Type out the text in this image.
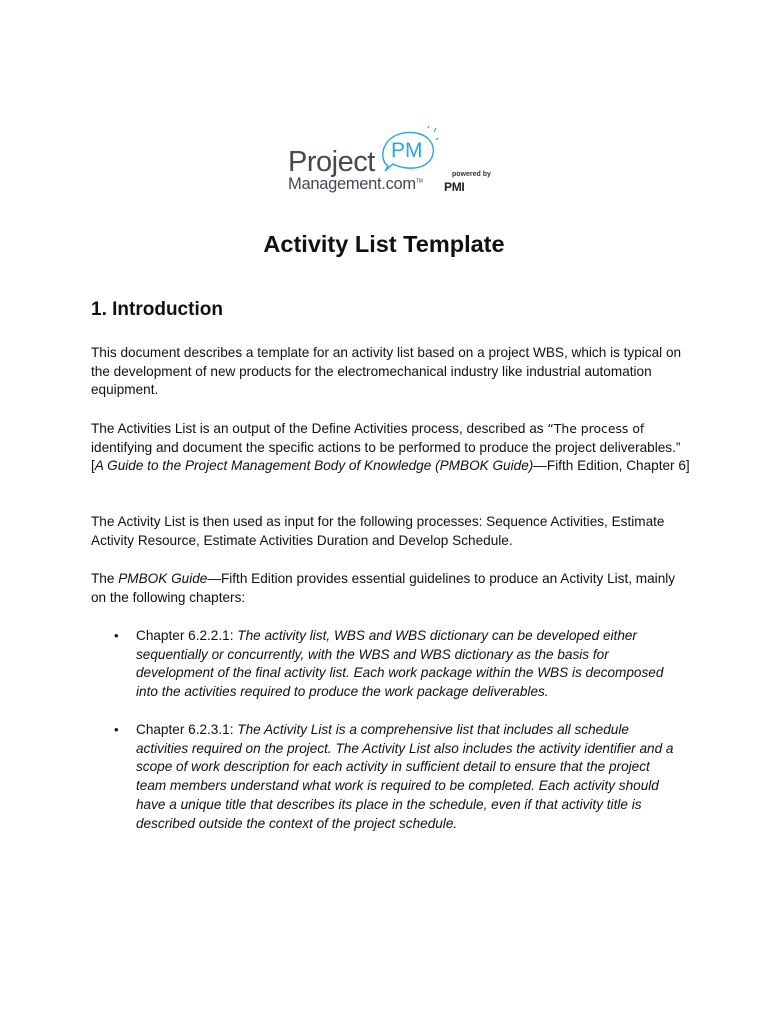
Project
Management.com™
PM
powered by
PMI
Activity List Template
1. Introduction

This document describes a template for an activity list based on a project WBS, which is typical on the development of new products for the electromechanical industry like industrial automation equipment.

The Activities List is an output of the Define Activities process, described as “The process of identifying and document the specific actions to be performed to produce the project deliverables.” [A Guide to the Project Management Body of Knowledge (PMBOK Guide)—Fifth Edition, Chapter 6]

The Activity List is then used as input for the following processes: Sequence Activities, Estimate Activity Resource, Estimate Activities Duration and Develop Schedule.

The PMBOK Guide—Fifth Edition provides essential guidelines to produce an Activity List, mainly on the following chapters:

• Chapter 6.2.2.1: The activity list, WBS and WBS dictionary can be developed either sequentially or concurrently, with the WBS and WBS dictionary as the basis for development of the final activity list. Each work package within the WBS is decomposed into the activities required to produce the work package deliverables.

• Chapter 6.2.3.1: The Activity List is a comprehensive list that includes all schedule activities required on the project. The Activity List also includes the activity identifier and a scope of work description for each activity in sufficient detail to ensure that the project team members understand what work is required to be completed. Each activity should have a unique title that describes its place in the schedule, even if that activity title is described outside the context of the project schedule.
